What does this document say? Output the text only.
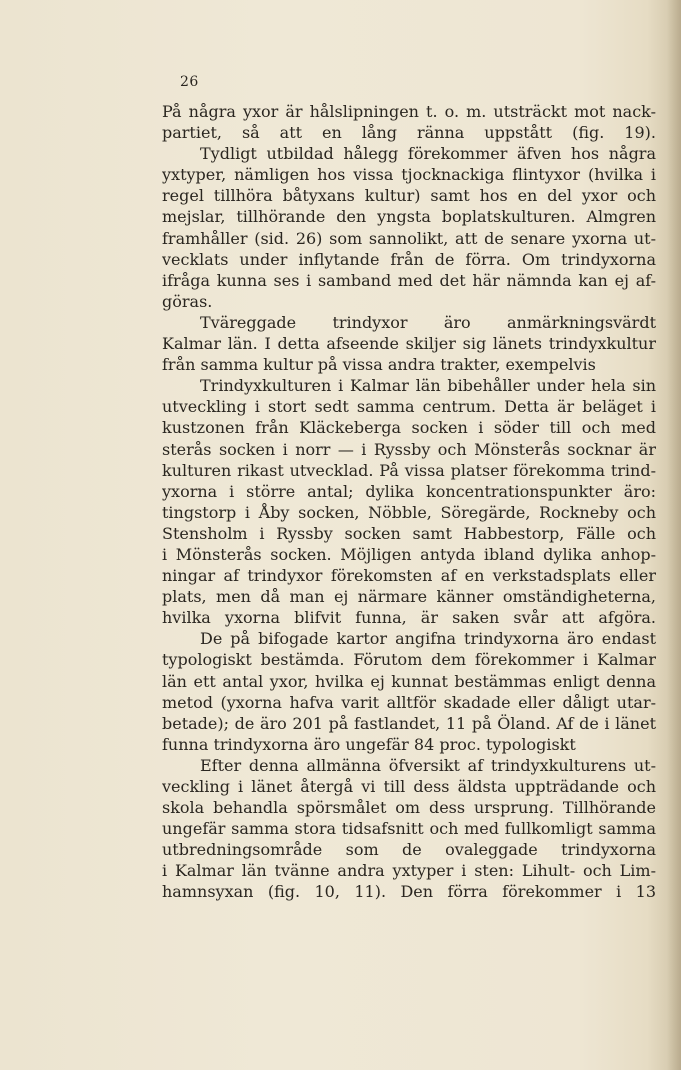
26
På några yxor är hålslipningen t. o. m. utsträckt mot nack-
partiet, så att en lång ränna uppstått (fig. 19).
Tydligt utbildad hålegg förekommer äfven hos några
yxtyper, nämligen hos vissa tjocknackiga flintyxor (hvilka i
regel tillhöra båtyxans kultur) samt hos en del yxor och
mejslar, tillhörande den yngsta boplatskulturen. Almgren
framhåller (sid. 26) som sannolikt, att de senare yxorna ut-
vecklats under inflytande från de förra. Om trindyxorna
ifråga kunna ses i samband med det här nämnda kan ej af-
göras.
Tväreggade trindyxor äro anmärkningsvärdt
Kalmar län. I detta afseende skiljer sig länets trindyxkultur
från samma kultur på vissa andra trakter, exempelvis
Trindyxkulturen i Kalmar län bibehåller under hela sin
utveckling i stort sedt samma centrum. Detta är beläget i
kustzonen från Kläckeberga socken i söder till och med
sterås socken i norr — i Ryssby och Mönsterås socknar är
kulturen rikast utvecklad. På vissa platser förekomma trind-
yxorna i större antal; dylika koncentrationspunkter äro:
tingstorp i Åby socken, Nöbble, Söregärde, Rockneby och
Stensholm i Ryssby socken samt Habbestorp, Fälle och
i Mönsterås socken. Möjligen antyda ibland dylika anhop-
ningar af trindyxor förekomsten af en verkstadsplats eller
plats, men då man ej närmare känner omständigheterna,
hvilka yxorna blifvit funna, är saken svår att afgöra.
De på bifogade kartor angifna trindyxorna äro endast
typologiskt bestämda. Förutom dem förekommer i Kalmar
län ett antal yxor, hvilka ej kunnat bestämmas enligt denna
metod (yxorna hafva varit alltför skadade eller dåligt utar-
betade); de äro 201 på fastlandet, 11 på Öland. Af de i länet
funna trindyxorna äro ungefär 84 proc. typologiskt
Efter denna allmänna öfversikt af trindyxkulturens ut-
veckling i länet återgå vi till dess äldsta uppträdande och
skola behandla spörsmålet om dess ursprung. Tillhörande
ungefär samma stora tidsafsnitt och med fullkomligt samma
utbredningsområde som de ovaleggade trindyxorna
i Kalmar län tvänne andra yxtyper i sten: Lihult- och Lim-
hamnsyxan (fig. 10, 11). Den förra förekommer i 13
